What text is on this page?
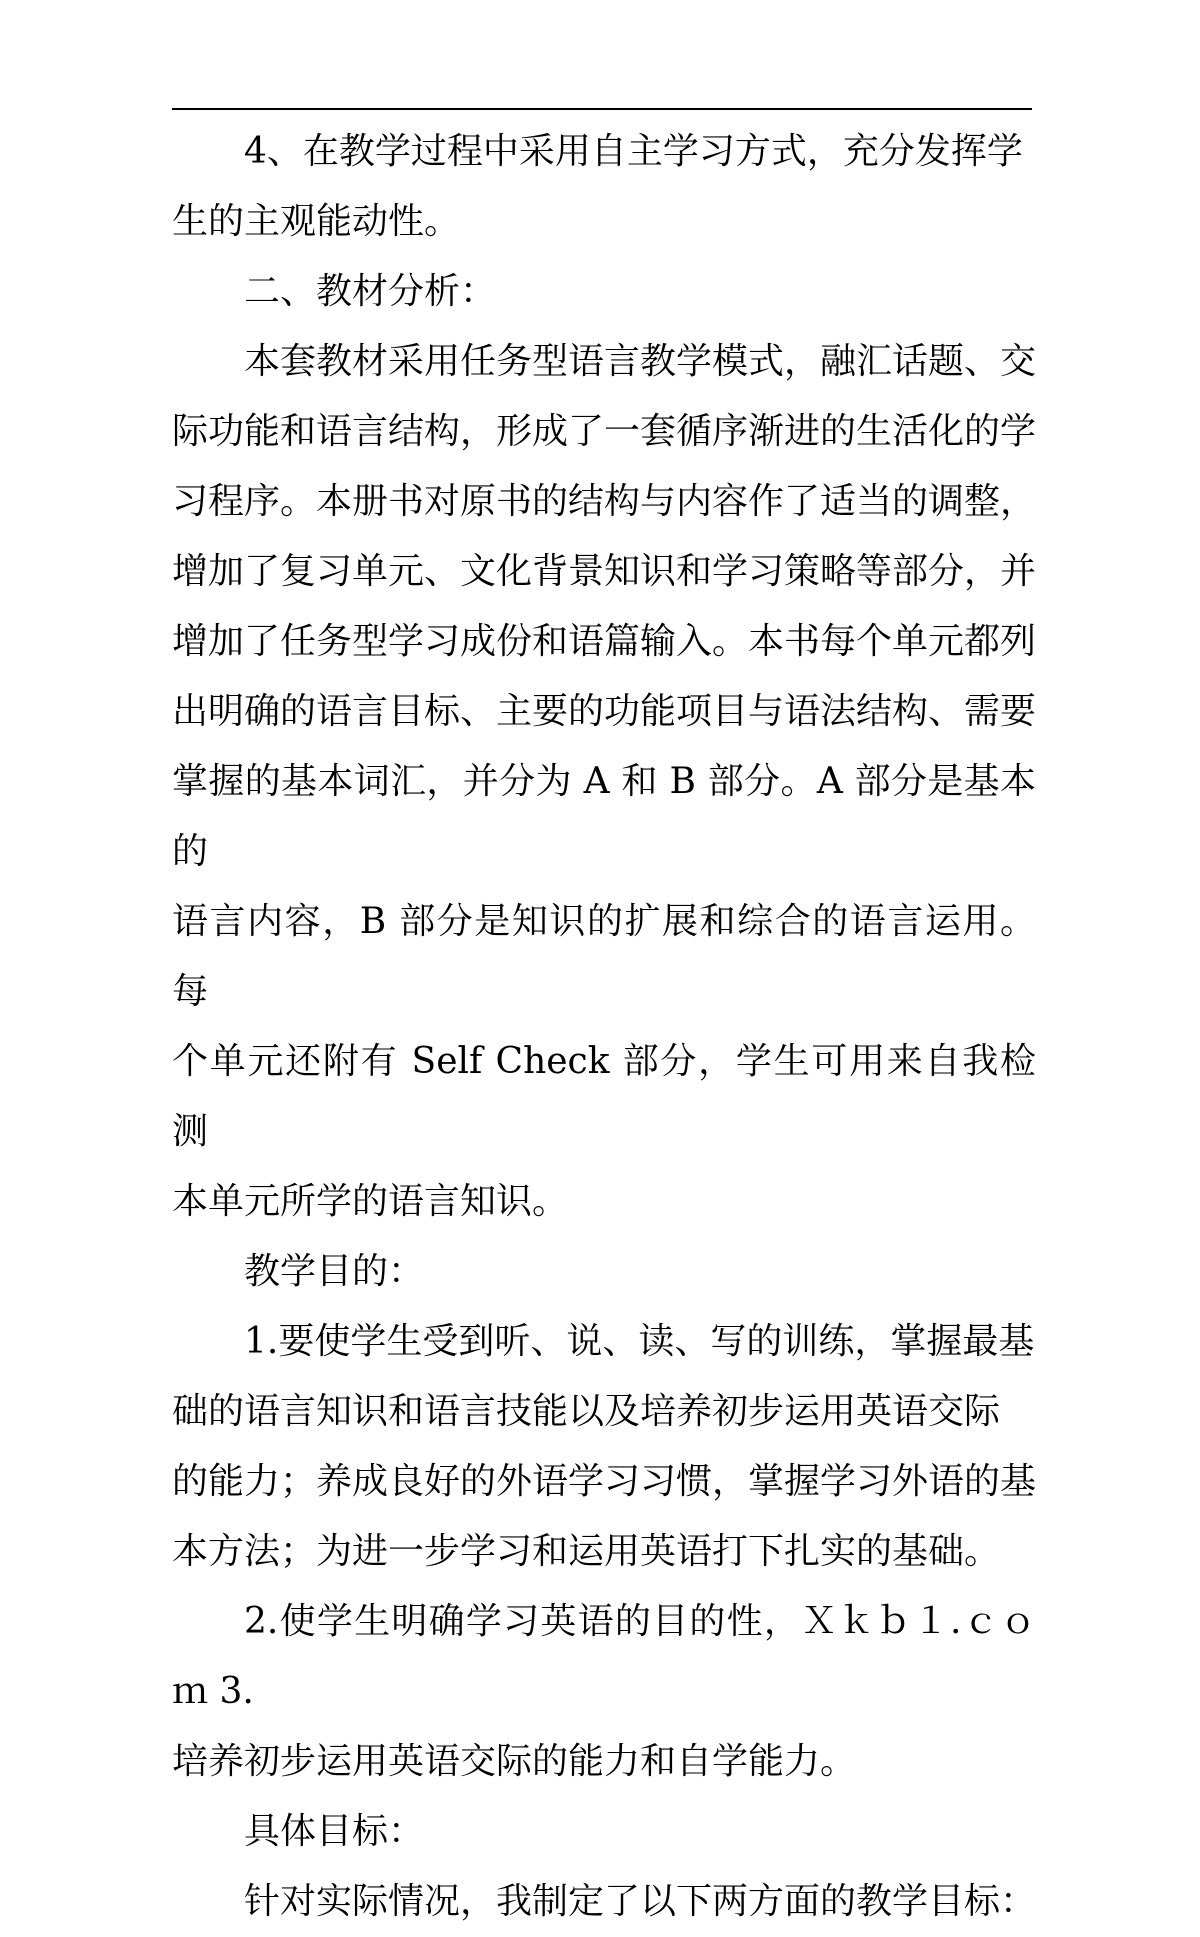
4、在教学过程中采用自主学习方式，充分发挥学
生的主观能动性。

二、教材分析：

本套教材采用任务型语言教学模式，融汇话题、交
际功能和语言结构，形成了一套循序渐进的生活化的学
习程序。本册书对原书的结构与内容作了适当的调整，
增加了复习单元、文化背景知识和学习策略等部分，并
增加了任务型学习成份和语篇输入。本书每个单元都列
出明确的语言目标、主要的功能项目与语法结构、需要
掌握的基本词汇，并分为 A 和 B 部分。A 部分是基本的
语言内容，B 部分是知识的扩展和综合的语言运用。每
个单元还附有 Self Check 部分，学生可用来自我检测
本单元所学的语言知识。

教学目的：

1.要使学生受到听、说、读、写的训练，掌握最基
础的语言知识和语言技能以及培养初步运用英语交际
的能力；养成良好的外语学习习惯，掌握学习外语的基
本方法；为进一步学习和运用英语打下扎实的基础。

2.使学生明确学习英语的目的性，Ｘｋｂ１.ｃｏｍ 3.
培养初步运用英语交际的能力和自学能力。

具体目标：

针对实际情况，我制定了以下两方面的教学目标：
